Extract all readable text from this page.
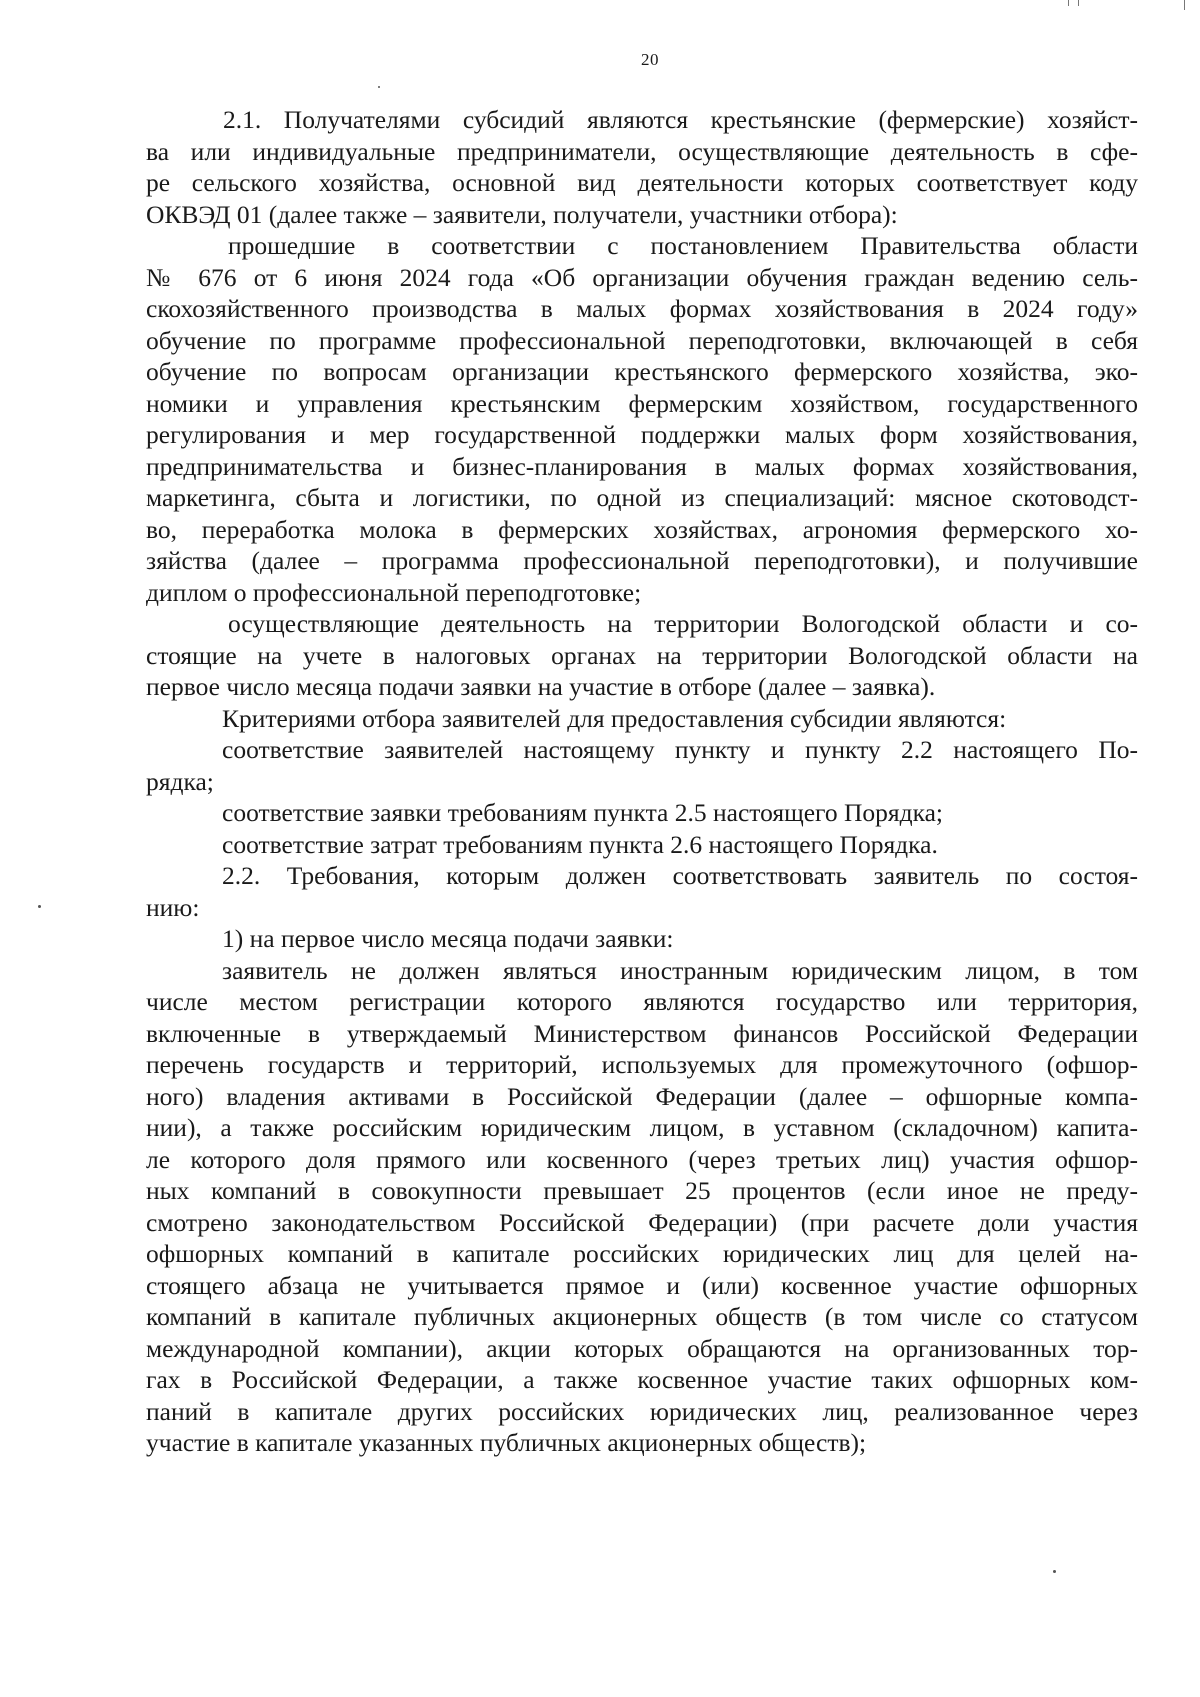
20
2.1. Получателями субсидий являются крестьянские (фермерские) хозяйст-
ва или индивидуальные предприниматели, осуществляющие деятельность в сфе-
ре сельского хозяйства, основной вид деятельности которых соответствует коду
ОКВЭД 01 (далее также – заявители, получатели, участники отбора):
прошедшие в соответствии с постановлением Правительства области
№ 676 от 6 июня 2024 года «Об организации обучения граждан ведению сель-
скохозяйственного производства в малых формах хозяйствования в 2024 году»
обучение по программе профессиональной переподготовки, включающей в себя
обучение по вопросам организации крестьянского фермерского хозяйства, эко-
номики и управления крестьянским фермерским хозяйством, государственного
регулирования и мер государственной поддержки малых форм хозяйствования,
предпринимательства и бизнес-планирования в малых формах хозяйствования,
маркетинга, сбыта и логистики, по одной из специализаций: мясное скотоводст-
во, переработка молока в фермерских хозяйствах, агрономия фермерского хо-
зяйства (далее – программа профессиональной переподготовки), и получившие
диплом о профессиональной переподготовке;
осуществляющие деятельность на территории Вологодской области и со-
стоящие на учете в налоговых органах на территории Вологодской области на
первое число месяца подачи заявки на участие в отборе (далее – заявка).
Критериями отбора заявителей для предоставления субсидии являются:
соответствие заявителей настоящему пункту и пункту 2.2 настоящего По-
рядка;
соответствие заявки требованиям пункта 2.5 настоящего Порядка;
соответствие затрат требованиям пункта 2.6 настоящего Порядка.
2.2. Требования, которым должен соответствовать заявитель по состоя-
нию:
1) на первое число месяца подачи заявки:
заявитель не должен являться иностранным юридическим лицом, в том
числе местом регистрации которого являются государство или территория,
включенные в утверждаемый Министерством финансов Российской Федерации
перечень государств и территорий, используемых для промежуточного (офшор-
ного) владения активами в Российской Федерации (далее – офшорные компа-
нии), а также российским юридическим лицом, в уставном (складочном) капита-
ле которого доля прямого или косвенного (через третьих лиц) участия офшор-
ных компаний в совокупности превышает 25 процентов (если иное не преду-
смотрено законодательством Российской Федерации) (при расчете доли участия
офшорных компаний в капитале российских юридических лиц для целей на-
стоящего абзаца не учитывается прямое и (или) косвенное участие офшорных
компаний в капитале публичных акционерных обществ (в том числе со статусом
международной компании), акции которых обращаются на организованных тор-
гах в Российской Федерации, а также косвенное участие таких офшорных ком-
паний в капитале других российских юридических лиц, реализованное через
участие в капитале указанных публичных акционерных обществ);
